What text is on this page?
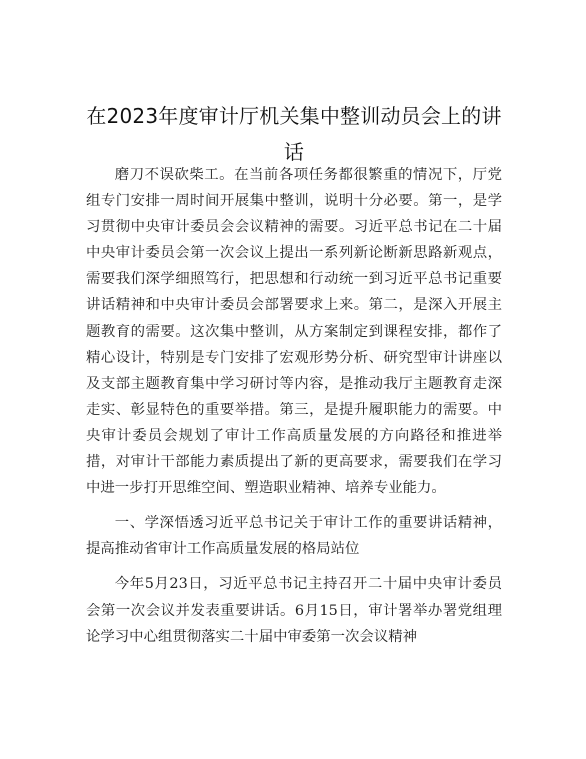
在2023年度审计厅机关集中整训动员会上的讲话

磨刀不误砍柴工。在当前各项任务都很繁重的情况下，厅党组专门安排一周时间开展集中整训，说明十分必要。第一，是学习贯彻中央审计委员会会议精神的需要。习近平总书记在二十届中央审计委员会第一次会议上提出一系列新论断新思路新观点，需要我们深学细照笃行，把思想和行动统一到习近平总书记重要讲话精神和中央审计委员会部署要求上来。第二，是深入开展主题教育的需要。这次集中整训，从方案制定到课程安排，都作了精心设计，特别是专门安排了宏观形势分析、研究型审计讲座以及支部主题教育集中学习研讨等内容，是推动我厅主题教育走深走实、彰显特色的重要举措。第三，是提升履职能力的需要。中央审计委员会规划了审计工作高质量发展的方向路径和推进举措，对审计干部能力素质提出了新的更高要求，需要我们在学习中进一步打开思维空间、塑造职业精神、培养专业能力。

一、学深悟透习近平总书记关于审计工作的重要讲话精神，提高推动省审计工作高质量发展的格局站位

今年5月23日，习近平总书记主持召开二十届中央审计委员会第一次会议并发表重要讲话。6月15日，审计署举办署党组理论学习中心组贯彻落实二十届中审委第一次会议精神
